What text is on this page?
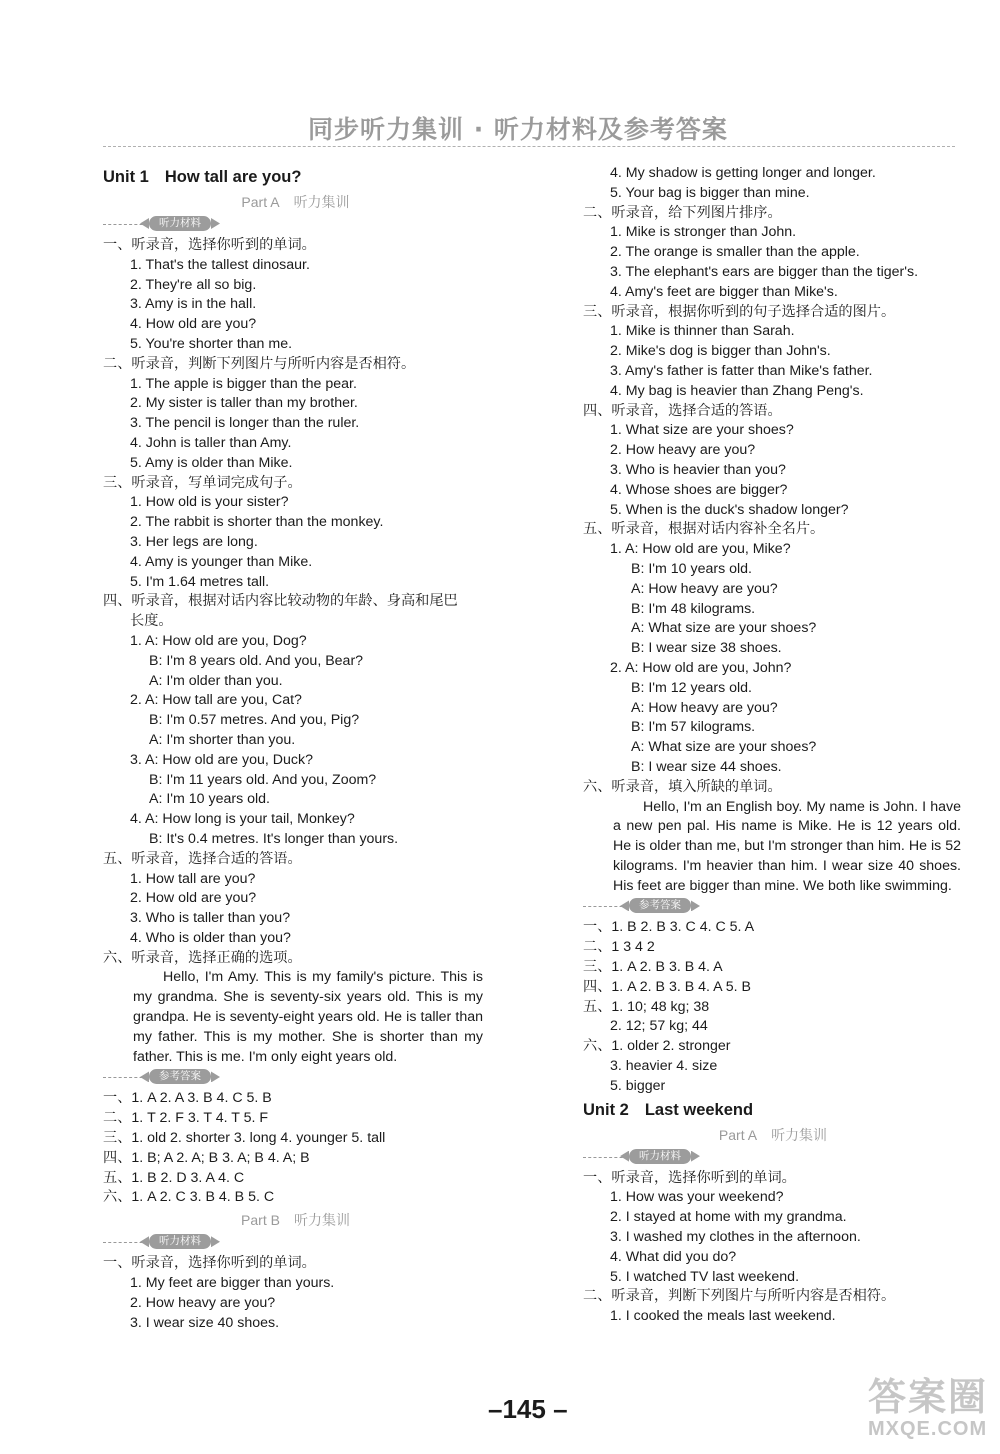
同步听力集训 · 听力材料及参考答案
Unit 1 How tall are you?
Part A 听力集训
听力材料
一、听录音，选择你听到的单词。
1. That's the tallest dinosaur.
2. They're all so big.
3. Amy is in the hall.
4. How old are you?
5. You're shorter than me.
二、听录音，判断下列图片与所听内容是否相符。
1. The apple is bigger than the pear.
2. My sister is taller than my brother.
3. The pencil is longer than the ruler.
4. John is taller than Amy.
5. Amy is older than Mike.
三、听录音，写单词完成句子。
1. How old is your sister?
2. The rabbit is shorter than the monkey.
3. Her legs are long.
4. Amy is younger than Mike.
5. I'm 1.64 metres tall.
四、听录音，根据对话内容比较动物的年龄、身高和尾巴
长度。
1. A: How old are you, Dog?
B: I'm 8 years old. And you, Bear?
A: I'm older than you.
2. A: How tall are you, Cat?
B: I'm 0.57 metres. And you, Pig?
A: I'm shorter than you.
3. A: How old are you, Duck?
B: I'm 11 years old. And you, Zoom?
A: I'm 10 years old.
4. A: How long is your tail, Monkey?
B: It's 0.4 metres. It's longer than yours.
五、听录音，选择合适的答语。
1. How tall are you?
2. How old are you?
3. Who is taller than you?
4. Who is older than you?
六、听录音，选择正确的选项。
Hello, I'm Amy. This is my family's picture. This is my grandma. She is seventy-six years old. This is my grandpa. He is seventy-eight years old. He is taller than my father. This is my mother. She is shorter than my father. This is me. I'm only eight years old.
参考答案
一、1. A 2. A 3. B 4. C 5. B
二、1. T 2. F 3. T 4. T 5. F
三、1. old 2. shorter 3. long 4. younger 5. tall
四、1. B; A 2. A; B 3. A; B 4. A; B
五、1. B 2. D 3. A 4. C
六、1. A 2. C 3. B 4. B 5. C
Part B 听力集训
听力材料
一、听录音，选择你听到的单词。
1. My feet are bigger than yours.
2. How heavy are you?
3. I wear size 40 shoes.
4. My shadow is getting longer and longer.
5. Your bag is bigger than mine.
二、听录音，给下列图片排序。
1. Mike is stronger than John.
2. The orange is smaller than the apple.
3. The elephant's ears are bigger than the tiger's.
4. Amy's feet are bigger than Mike's.
三、听录音，根据你听到的句子选择合适的图片。
1. Mike is thinner than Sarah.
2. Mike's dog is bigger than John's.
3. Amy's father is fatter than Mike's father.
4. My bag is heavier than Zhang Peng's.
四、听录音，选择合适的答语。
1. What size are your shoes?
2. How heavy are you?
3. Who is heavier than you?
4. Whose shoes are bigger?
5. When is the duck's shadow longer?
五、听录音，根据对话内容补全名片。
1. A: How old are you, Mike?
B: I'm 10 years old.
A: How heavy are you?
B: I'm 48 kilograms.
A: What size are your shoes?
B: I wear size 38 shoes.
2. A: How old are you, John?
B: I'm 12 years old.
A: How heavy are you?
B: I'm 57 kilograms.
A: What size are your shoes?
B: I wear size 44 shoes.
六、听录音，填入所缺的单词。
Hello, I'm an English boy. My name is John. I have a new pen pal. His name is Mike. He is 12 years old. He is older than me, but I'm stronger than him. He is 52 kilograms. I'm heavier than him. I wear size 40 shoes. His feet are bigger than mine. We both like swimming.
参考答案
一、1. B 2. B 3. C 4. C 5. A
二、1 3 4 2
三、1. A 2. B 3. B 4. A
四、1. A 2. B 3. B 4. A 5. B
五、1. 10; 48 kg; 38
2. 12; 57 kg; 44
六、1. older 2. stronger
3. heavier 4. size
5. bigger
Unit 2 Last weekend
Part A 听力集训
听力材料
一、听录音，选择你听到的单词。
1. How was your weekend?
2. I stayed at home with my grandma.
3. I washed my clothes in the afternoon.
4. What did you do?
5. I watched TV last weekend.
二、听录音，判断下列图片与所听内容是否相符。
1. I cooked the meals last weekend.
–145 –	答案圈
MXQE.COM
